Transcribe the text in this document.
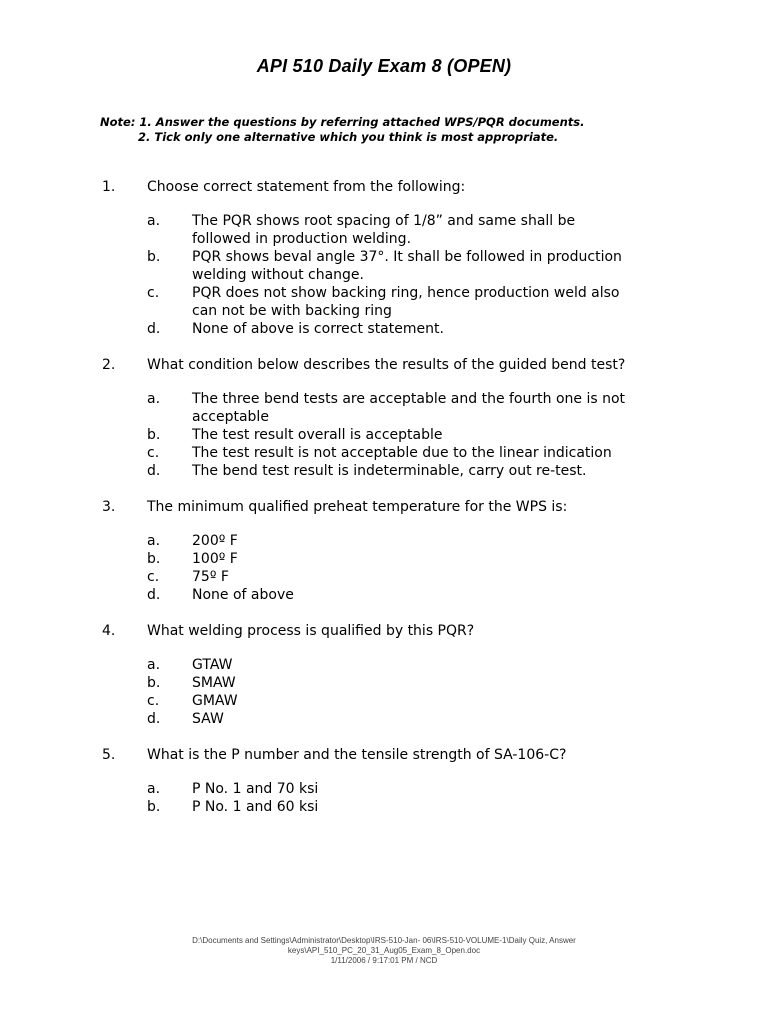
API 510 Daily Exam 8 (OPEN)
Note: 1. Answer the questions by referring attached WPS/PQR documents.
2. Tick only one alternative which you think is most appropriate.
1. Choose correct statement from the following:
a. The PQR shows root spacing of 1/8” and same shall be followed in production welding.
b. PQR shows beval angle 37°. It shall be followed in production welding without change.
c. PQR does not show backing ring, hence production weld also can not be with backing ring
d. None of above is correct statement.
2. What condition below describes the results of the guided bend test?
a. The three bend tests are acceptable and the fourth one is not acceptable
b. The test result overall is acceptable
c. The test result is not acceptable due to the linear indication
d. The bend test result is indeterminable, carry out re-test.
3. The minimum qualified preheat temperature for the WPS is:
a. 200º F
b. 100º F
c. 75º F
d. None of above
4. What welding process is qualified by this PQR?
a. GTAW
b. SMAW
c. GMAW
d. SAW
5. What is the P number and the tensile strength of SA-106-C?
a. P No. 1 and 70 ksi
b. P No. 1 and 60 ksi
D:\Documents and Settings\Administrator\Desktop\IRS-510-Jan- 06\IRS-510-VOLUME-1\Daily Quiz, Answer
keys\API_510_PC_20_31_Aug05_Exam_8_Open.doc
1/11/2006 / 9:17:01 PM / NCD
